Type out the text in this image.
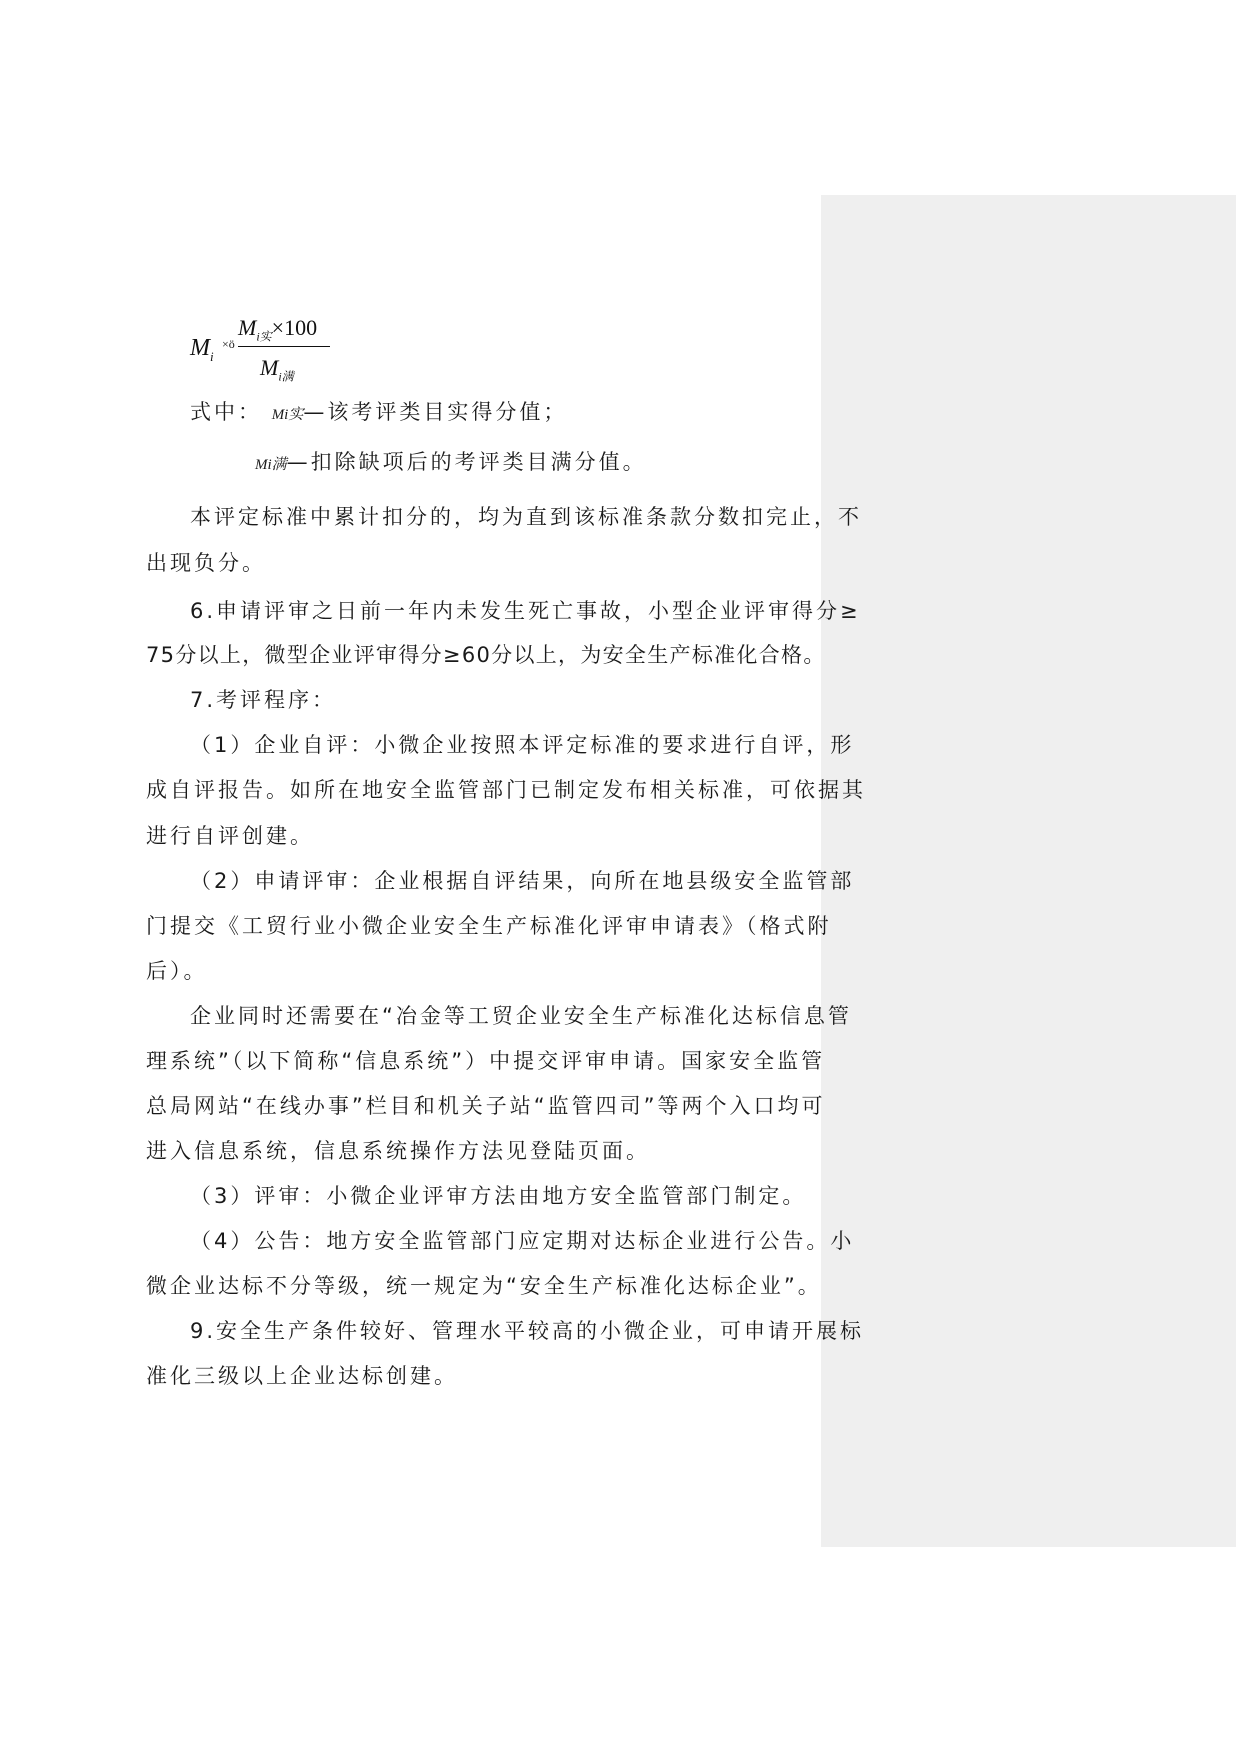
$M_i$
×ö
$M_{i实}\times 100$
$M_{i满}$
式中： Mi实—该考评类目实得分值；
Mi满—扣除缺项后的考评类目满分值。
本评定标准中累计扣分的，均为直到该标准条款分数扣完止，不
出现负分。
6.申请评审之日前一年内未发生死亡事故，小型企业评审得分≥
75分以上，微型企业评审得分≥60分以上，为安全生产标准化合格。
7.考评程序：
（1）企业自评：小微企业按照本评定标准的要求进行自评，形
成自评报告。如所在地安全监管部门已制定发布相关标准，可依据其
进行自评创建。
（2）申请评审：企业根据自评结果，向所在地县级安全监管部
门提交《工贸行业小微企业安全生产标准化评审申请表》（格式附
后）。
企业同时还需要在“冶金等工贸企业安全生产标准化达标信息管
理系统”（以下简称“信息系统”）中提交评审申请。国家安全监管
总局网站“在线办事”栏目和机关子站“监管四司”等两个入口均可
进入信息系统，信息系统操作方法见登陆页面。
（3）评审：小微企业评审方法由地方安全监管部门制定。
（4）公告：地方安全监管部门应定期对达标企业进行公告。小
微企业达标不分等级，统一规定为“安全生产标准化达标企业”。
9.安全生产条件较好、管理水平较高的小微企业，可申请开展标
准化三级以上企业达标创建。
